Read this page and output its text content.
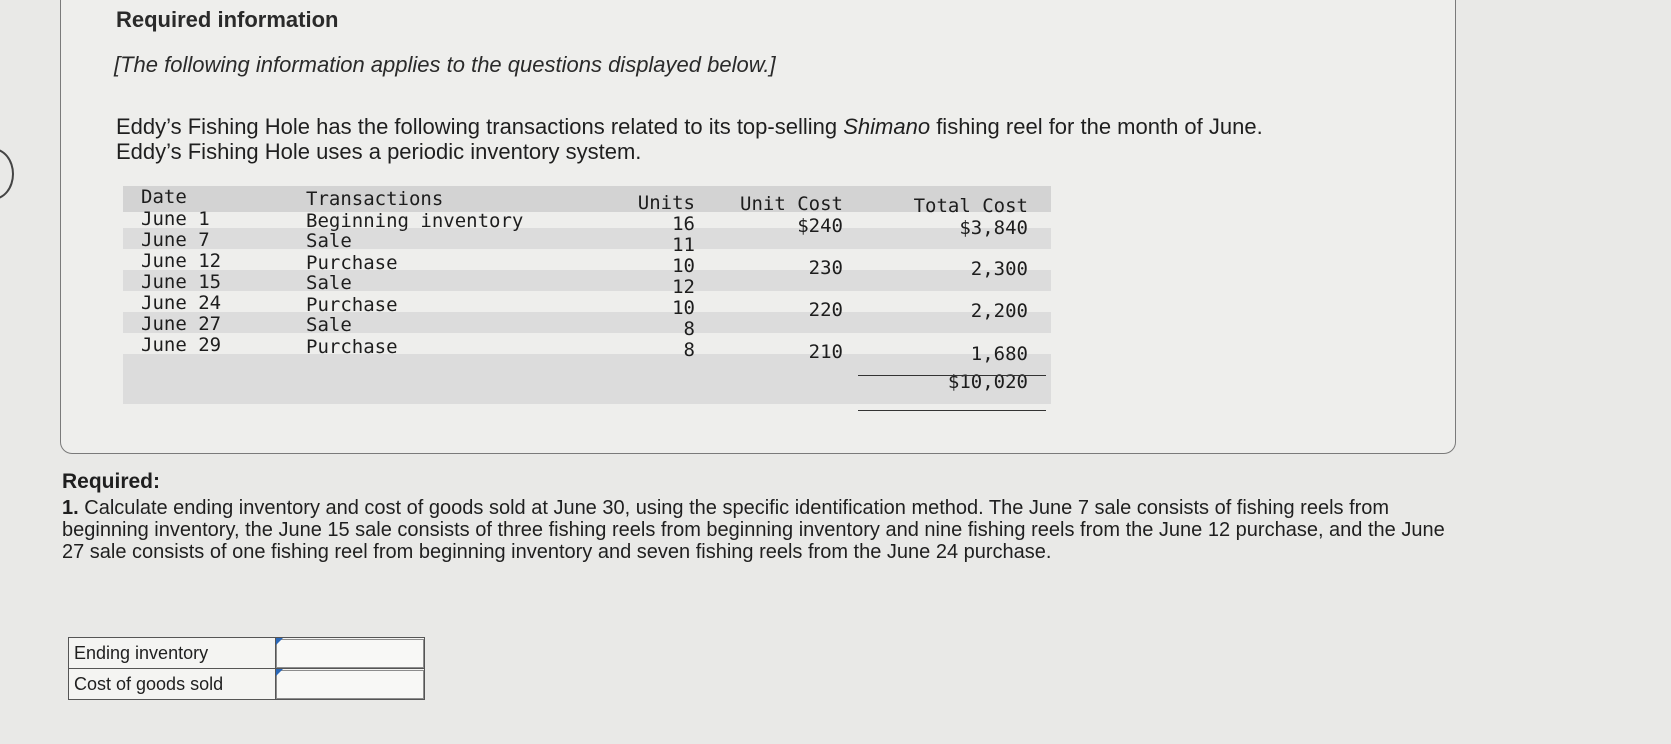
Required information
[The following information applies to the questions displayed below.]
Eddy’s Fishing Hole has the following transactions related to its top-selling Shimano fishing reel for the month of June.
Eddy’s Fishing Hole uses a periodic inventory system.
Date	Transactions	Units	Unit Cost	Total Cost
June 1	Beginning inventory	16	$240	$3,840
June 7	Sale	11
June 12	Purchase	10	230	2,300
June 15	Sale	12
June 24	Purchase	10	220	2,200
June 27	Sale	8
June 29	Purchase	8	210	1,680
$10,020
Required:
1. Calculate ending inventory and cost of goods sold at June 30, using the specific identification method. The June 7 sale consists of fishing reels from beginning inventory, the June 15 sale consists of three fishing reels from beginning inventory and nine fishing reels from the June 12 purchase, and the June 27 sale consists of one fishing reel from beginning inventory and seven fishing reels from the June 24 purchase.
Ending inventory	

Cost of goods sold	
